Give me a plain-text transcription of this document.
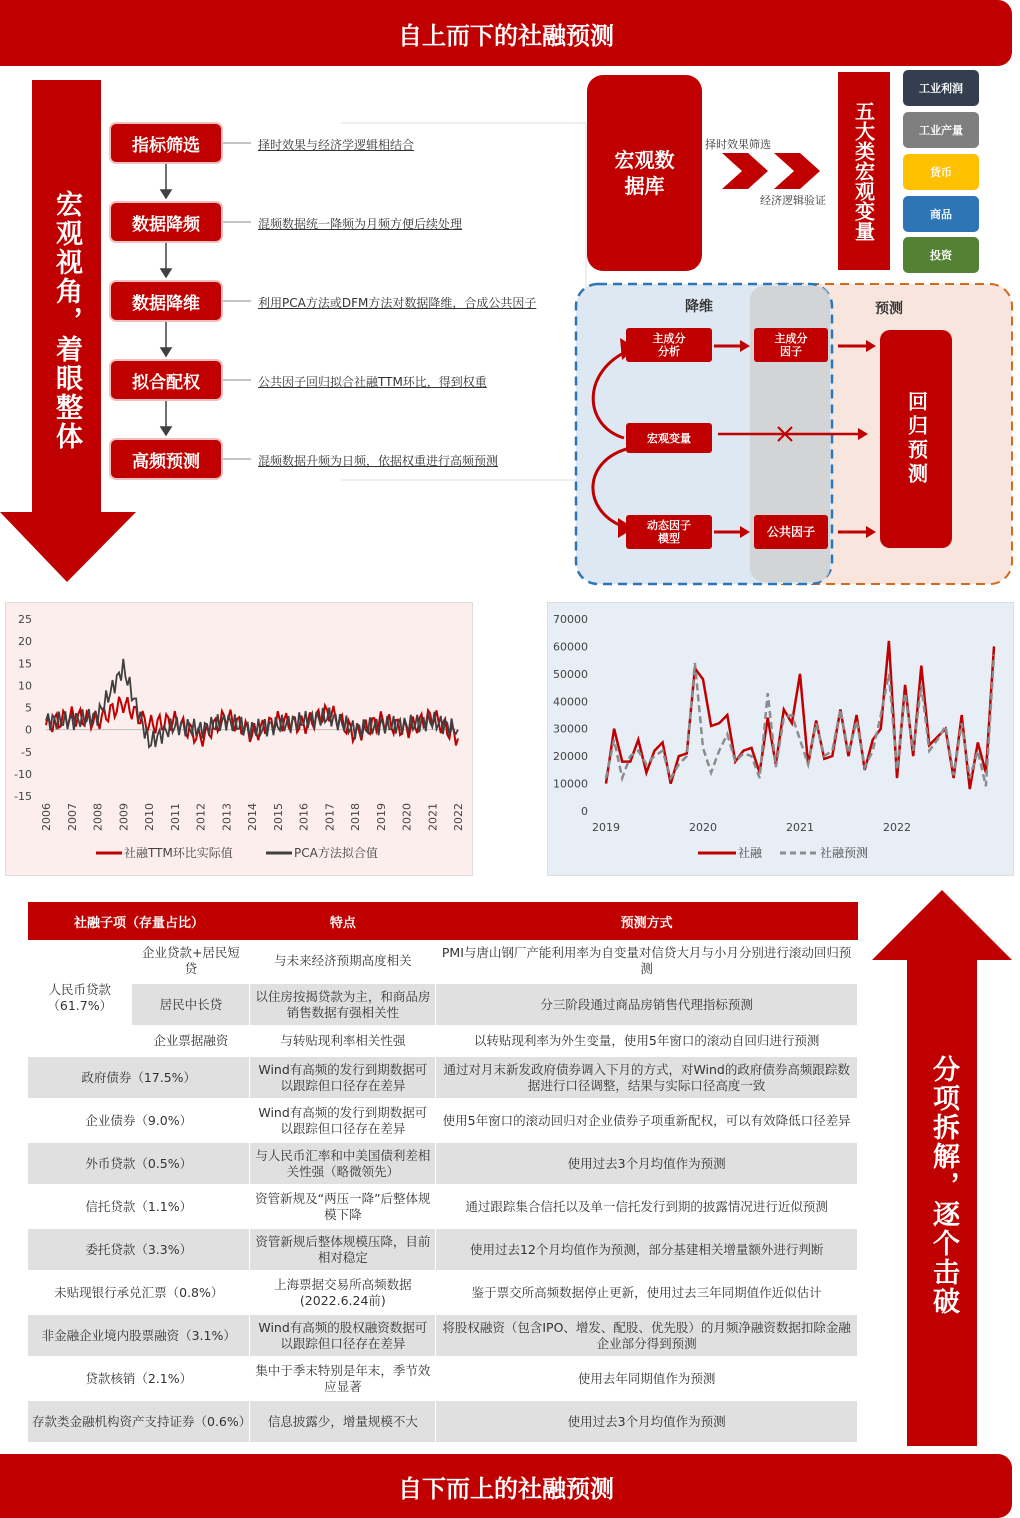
自上而下的社融预测
宏观视角，着眼整体
指标筛选	择时效果与经济学逻辑相结合
数据降频	混频数据统一降频为月频方便后续处理
数据降维	利用PCA方法或DFM方法对数据降维，合成公共因子
拟合配权	公共因子回归拟合社融TTM环比，得到权重
高频预测	混频数据升频为日频，依据权重进行高频预测
宏观数据库
择时效果筛选
经济逻辑验证 五大类宏观变量
工业利润
工业产量
货币
商品
投资
降维	预测
主成分分析
宏观变量
动态因子模型
主成分因子
公共因子
回归预测
25
20
15
10
5
0
-5
-10
-15
2006 2007 2008 2009 2010 2011 2012 2013 2014 2015 2016 2017 2018 2019 2020 2021 2022
社融TTM环比实际值	PCA方法拟合值
70000
60000
50000
40000
30000
20000
10000
0
2019	2020	2021	2022
社融	社融预测
分项拆解，逐个击破
社融子项（存量占比）		特点	预测方式
人民币贷款（61.7%）	企业贷款+居民短贷	与未来经济预期高度相关	PMI与唐山钢厂产能利用率为自变量对信贷大月与小月分别进行滚动回归预测
	居民中长贷	以住房按揭贷款为主，和商品房销售数据有强相关性	分三阶段通过商品房销售代理指标预测
	企业票据融资	与转贴现利率相关性强	以转贴现利率为外生变量，使用5年窗口的滚动自回归进行预测
政府债券（17.5%）		Wind有高频的发行到期数据可以跟踪但口径存在差异	通过对月末新发政府债券调入下月的方式，对Wind的政府债券高频跟踪数据进行口径调整，结果与实际口径高度一致
企业债券（9.0%）		Wind有高频的发行到期数据可以跟踪但口径存在差异	使用5年窗口的滚动回归对企业债券子项重新配权，可以有效降低口径差异
外币贷款（0.5%）		与人民币汇率和中美国债利差相关性强（略微领先）	使用过去3个月均值作为预测
信托贷款（1.1%）		资管新规及“两压一降”后整体规模下降	通过跟踪集合信托以及单一信托发行到期的披露情况进行近似预测
委托贷款（3.3%）		资管新规后整体规模压降，目前相对稳定	使用过去12个月均值作为预测，部分基建相关增量额外进行判断
未贴现银行承兑汇票（0.8%）		上海票据交易所高频数据(2022.6.24前)	鉴于票交所高频数据停止更新，使用过去三年同期值作近似估计
非金融企业境内股票融资（3.1%）		Wind有高频的股权融资数据可以跟踪但口径存在差异	将股权融资（包含IPO、增发、配股、优先股）的月频净融资数据扣除金融企业部分得到预测
贷款核销（2.1%）		集中于季末特别是年末，季节效应显著	使用去年同期值作为预测
存款类金融机构资产支持证券（0.6%）		信息披露少，增量规模不大	使用过去3个月均值作为预测
自下而上的社融预测
